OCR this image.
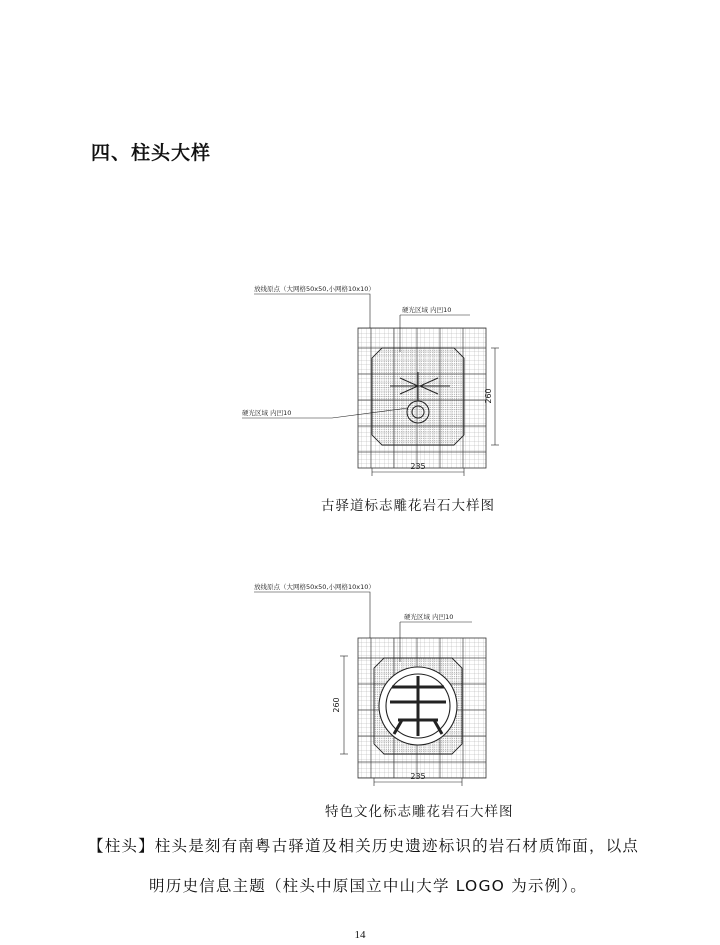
四、柱头大样
放线原点（大网格50x50,小网格10x10）
硬光区域 内凹10
硬光区域 内凹10
235
260
古驿道标志雕花岩石大样图
放线原点（大网格50x50,小网格10x10）
硬光区域 内凹10
235
260
特色文化标志雕花岩石大样图
【柱头】柱头是刻有南粤古驿道及相关历史遗迹标识的岩石材质饰面，以点
明历史信息主题（柱头中原国立中山大学 LOGO 为示例）。
14
